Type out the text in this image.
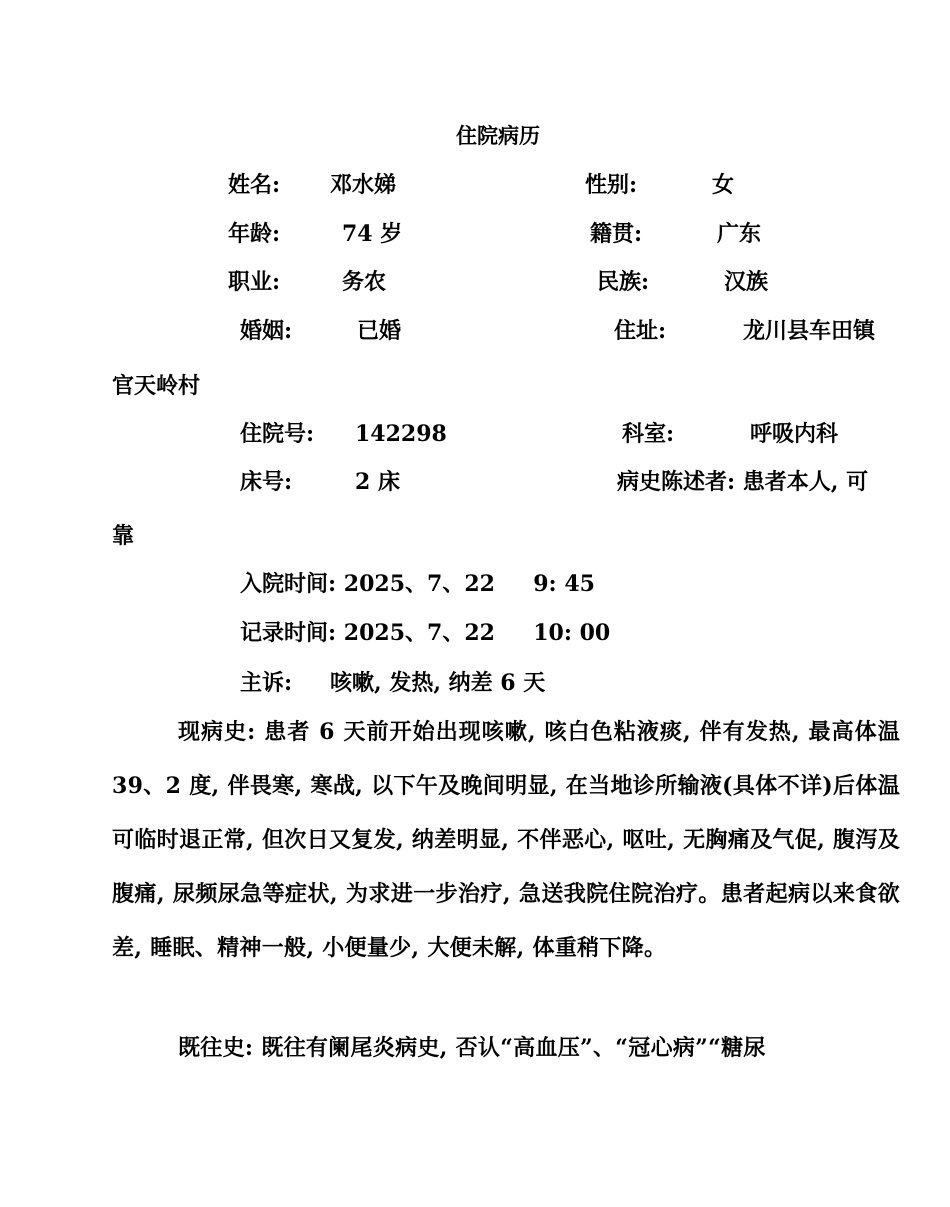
住院病历
姓名: 邓水娣	性别:	女
年龄:	74 岁	籍贯:	广东
职业:	务农	民族:	汉族
婚姻:	已婚	住址:	龙川县车田镇
官天岭村
住院号: 142298	科室:	呼吸内科
床号:	2 床	病史陈述者: 患者本人, 可
靠
入院时间: 2025、7、22     9: 45
记录时间: 2025、7、22     10: 00
主诉: 咳嗽, 发热, 纳差 6 天
现病史: 患者 6 天前开始出现咳嗽, 咳白色粘液痰, 伴有发热, 最高体温 39、2 度, 伴畏寒, 寒战, 以下午及晚间明显, 在当地诊所输液(具体不详)后体温可临时退正常, 但次日又复发, 纳差明显, 不伴恶心, 呕吐, 无胸痛及气促, 腹泻及腹痛, 尿频尿急等症状, 为求进一步治疗, 急送我院住院治疗。患者起病以来食欲差, 睡眠、精神一般, 小便量少, 大便未解, 体重稍下降。
既往史: 既往有阑尾炎病史, 否认“高血压”、“冠心病”“糖尿
